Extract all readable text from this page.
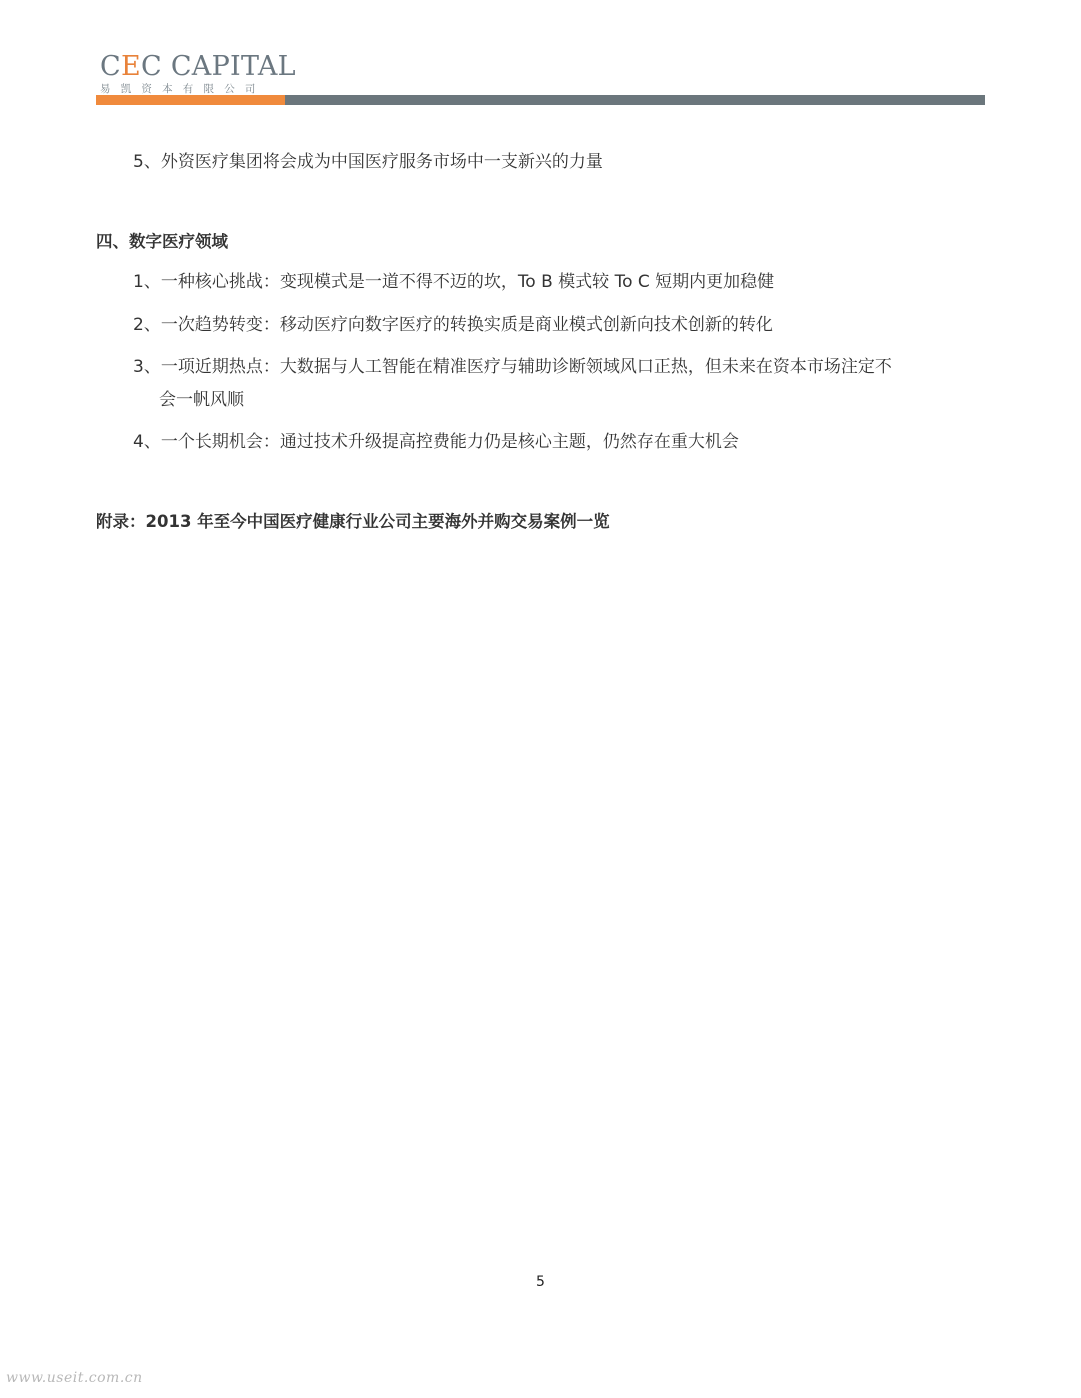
CEC CAPITAL
易凯资本有限公司
5、外资医疗集团将会成为中国医疗服务市场中一支新兴的力量
四、数字医疗领域
1、一种核心挑战：变现模式是一道不得不迈的坎，To B 模式较 To C 短期内更加稳健
2、一次趋势转变：移动医疗向数字医疗的转换实质是商业模式创新向技术创新的转化
3、一项近期热点：大数据与人工智能在精准医疗与辅助诊断领域风口正热，但未来在资本市场注定不
会一帆风顺
4、一个长期机会：通过技术升级提高控费能力仍是核心主题，仍然存在重大机会
附录：2013 年至今中国医疗健康行业公司主要海外并购交易案例一览
5
www.useit.com.cn
